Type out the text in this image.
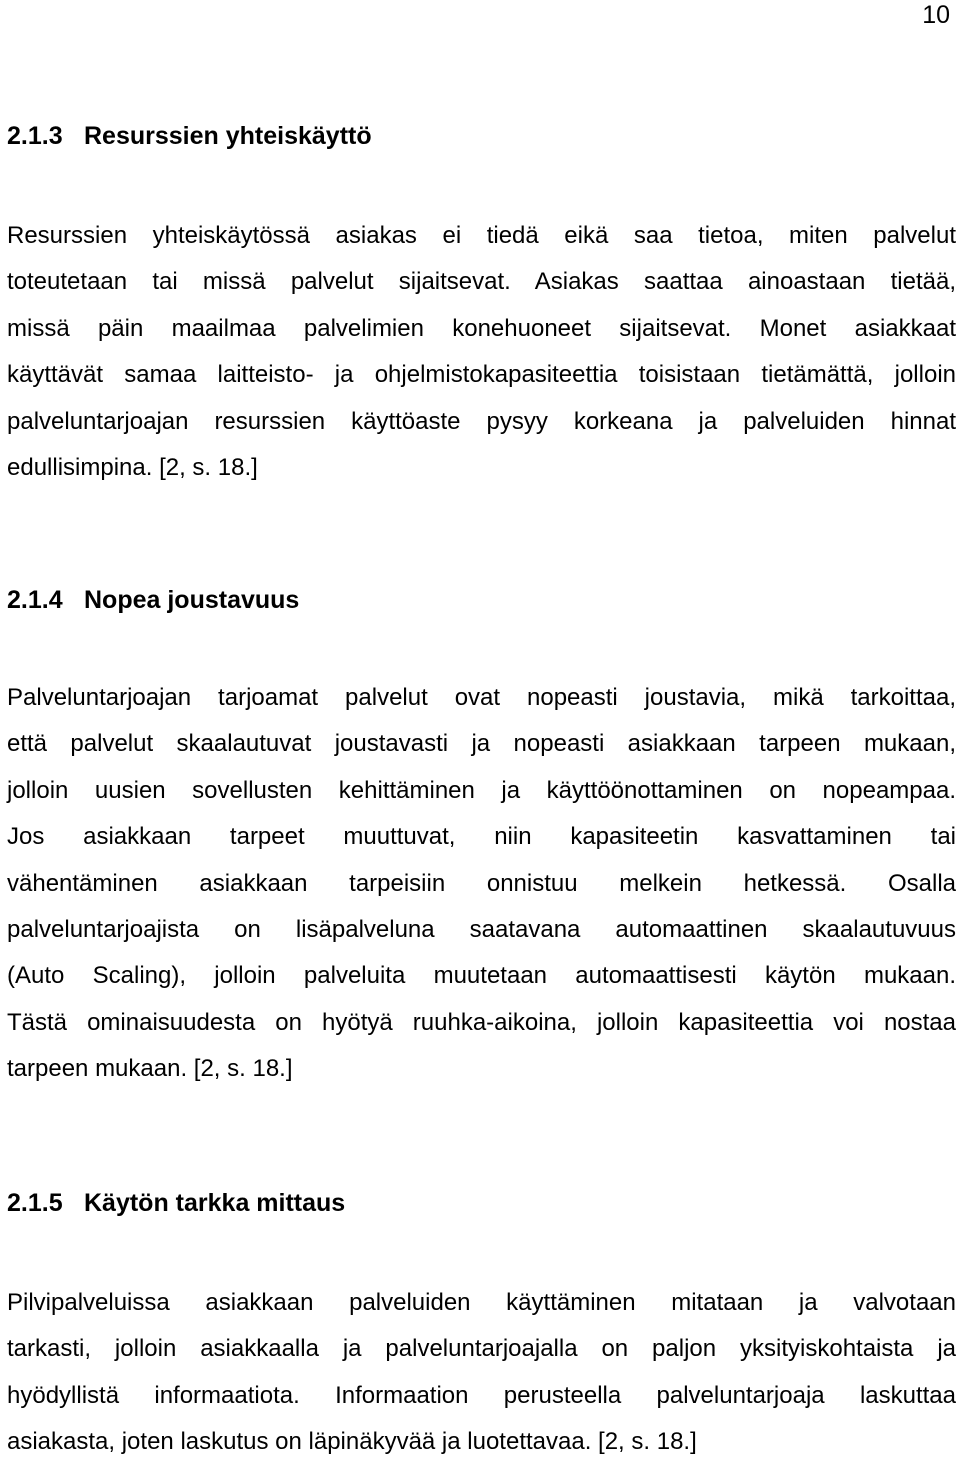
10
2.1.3 Resurssien yhteiskäyttö

Resurssien yhteiskäytössä asiakas ei tiedä eikä saa tietoa, miten palvelut
toteutetaan tai missä palvelut sijaitsevat. Asiakas saattaa ainoastaan tietää,
missä päin maailmaa palvelimien konehuoneet sijaitsevat. Monet asiakkaat
käyttävät samaa laitteisto- ja ohjelmistokapasiteettia toisistaan tietämättä, jolloin
palveluntarjoajan resurssien käyttöaste pysyy korkeana ja palveluiden hinnat
edullisimpina. [2, s. 18.]

2.1.4 Nopea joustavuus

Palveluntarjoajan tarjoamat palvelut ovat nopeasti joustavia, mikä tarkoittaa,
että palvelut skaalautuvat joustavasti ja nopeasti asiakkaan tarpeen mukaan,
jolloin uusien sovellusten kehittäminen ja käyttöönottaminen on nopeampaa.
Jos asiakkaan tarpeet muuttuvat, niin kapasiteetin kasvattaminen tai
vähentäminen asiakkaan tarpeisiin onnistuu melkein hetkessä. Osalla
palveluntarjoajista on lisäpalveluna saatavana automaattinen skaalautuvuus
(Auto Scaling), jolloin palveluita muutetaan automaattisesti käytön mukaan.
Tästä ominaisuudesta on hyötyä ruuhka-aikoina, jolloin kapasiteettia voi nostaa
tarpeen mukaan. [2, s. 18.]

2.1.5 Käytön tarkka mittaus

Pilvipalveluissa asiakkaan palveluiden käyttäminen mitataan ja valvotaan
tarkasti, jolloin asiakkaalla ja palveluntarjoajalla on paljon yksityiskohtaista ja
hyödyllistä informaatiota. Informaation perusteella palveluntarjoaja laskuttaa
asiakasta, joten laskutus on läpinäkyvää ja luotettavaa. [2, s. 18.]
